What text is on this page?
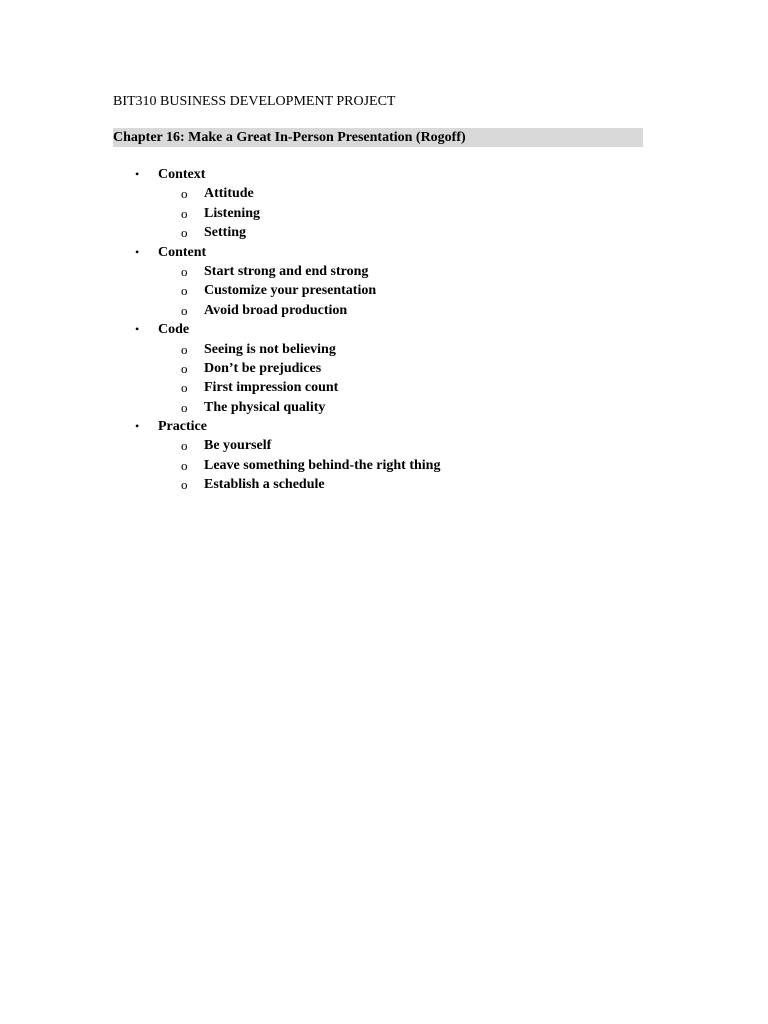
BIT310 BUSINESS DEVELOPMENT PROJECT
Chapter 16: Make a Great In-Person Presentation (Rogoff)
• Context
o Attitude
o Listening
o Setting
• Content
o Start strong and end strong
o Customize your presentation
o Avoid broad production
• Code
o Seeing is not believing
o Don’t be prejudices
o First impression count
o The physical quality
• Practice
o Be yourself
o Leave something behind-the right thing
o Establish a schedule
